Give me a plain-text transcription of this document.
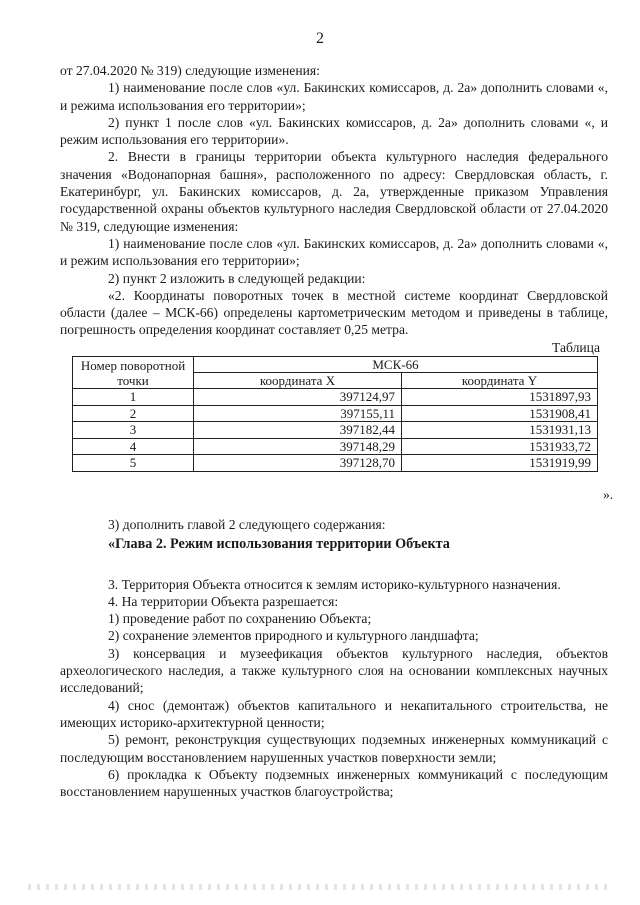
2

от 27.04.2020 № 319) следующие изменения:

1) наименование после слов «ул. Бакинских комиссаров, д. 2а» дополнить словами «, и режима использования его территории»;

2) пункт 1 после слов «ул. Бакинских комиссаров, д. 2а» дополнить словами «, и режим использования его территории».

2. Внести в границы территории объекта культурного наследия федерального значения «Водонапорная башня», расположенного по адресу: Свердловская область, г. Екатеринбург, ул. Бакинских комиссаров, д. 2а, утвержденные приказом Управления государственной охраны объектов культурного наследия Свердловской области от 27.04.2020 № 319, следующие изменения:

1) наименование после слов «ул. Бакинских комиссаров, д. 2а» дополнить словами «, и режим использования его территории»;

2) пункт 2 изложить в следующей редакции:

«2. Координаты поворотных точек в местной системе координат Свердловской области (далее – МСК-66) определены картометрическим методом и приведены в таблице, погрешность определения координат составляет 0,25 метра.

Таблица
Номер поворотной точки	МСК-66	
	координата X	координата Y
1	397124,97	1531897,93
2	397155,11	1531908,41
3	397182,44	1531931,13
4	397148,29	1531933,72
5	397128,70	1531919,99
».

3) дополнить главой 2 следующего содержания:

«Глава 2. Режим использования территории Объекта

3. Территория Объекта относится к землям историко-культурного назначения.

4. На территории Объекта разрешается:

1) проведение работ по сохранению Объекта;

2) сохранение элементов природного и культурного ландшафта;

3) консервация и музеефикация объектов культурного наследия, объектов археологического наследия, а также культурного слоя на основании комплексных научных исследований;

4) снос (демонтаж) объектов капитального и некапитального строительства, не имеющих историко-архитектурной ценности;

5) ремонт, реконструкция существующих подземных инженерных коммуникаций с последующим восстановлением нарушенных участков поверхности земли;

6) прокладка к Объекту подземных инженерных коммуникаций с последующим восстановлением нарушенных участков благоустройства;
